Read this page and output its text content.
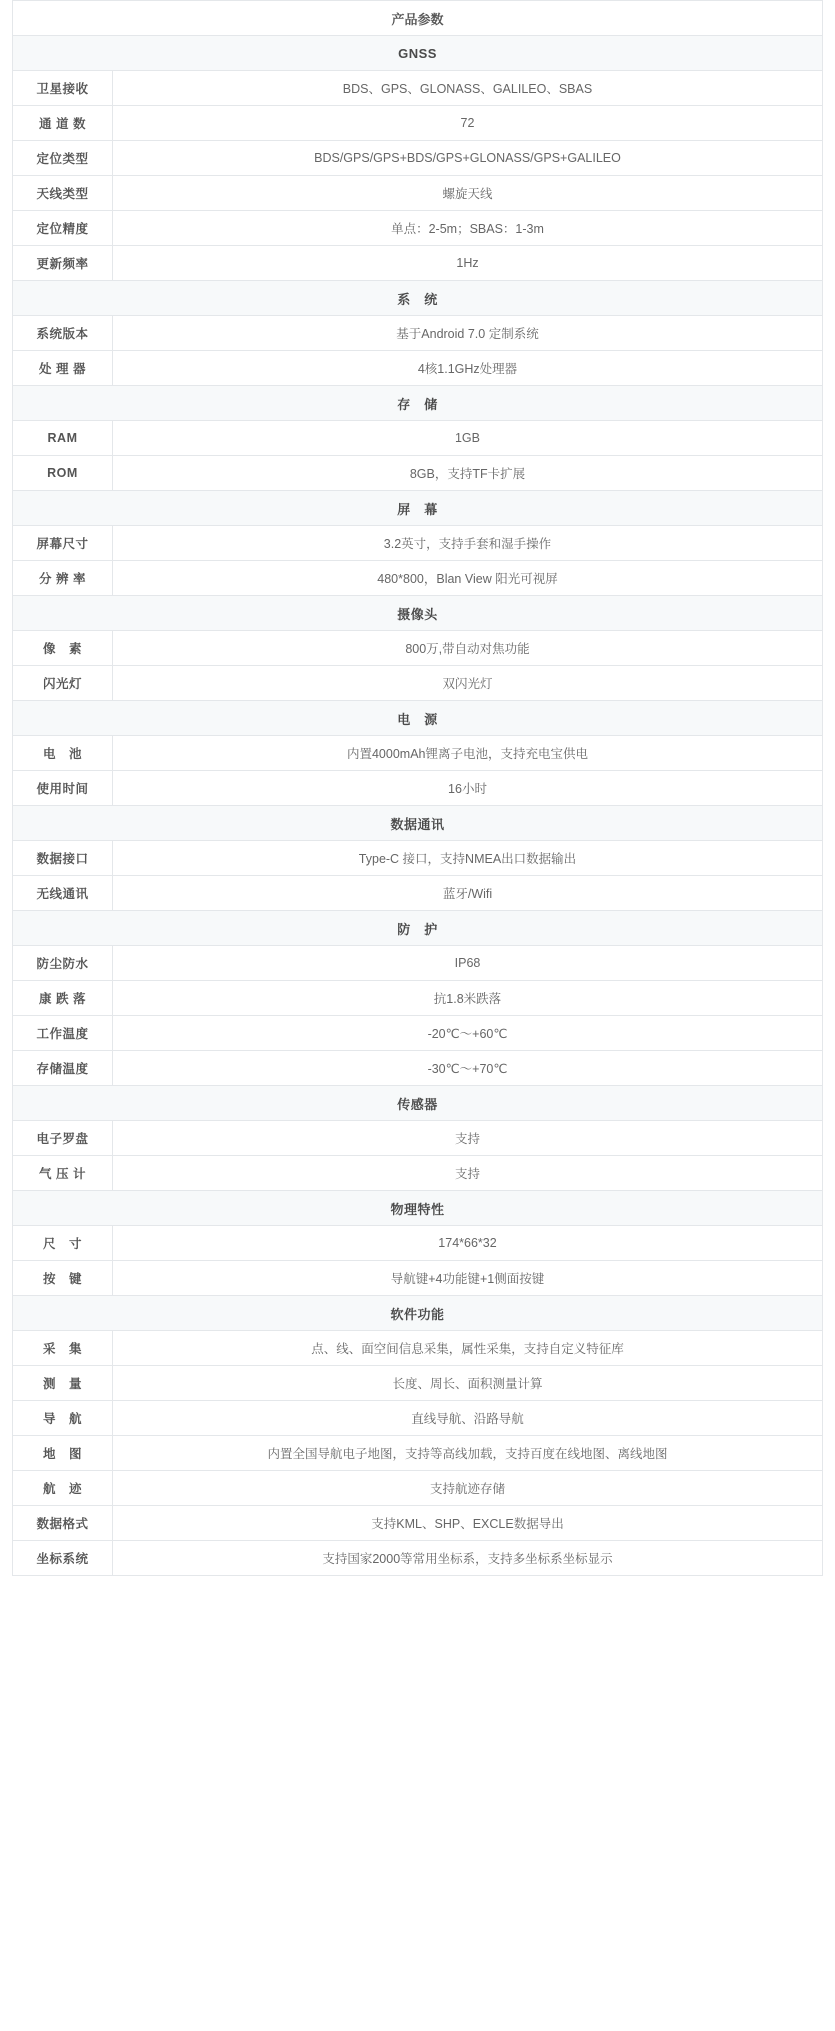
产品参数	
GNSS	
卫星接收	BDS、GPS、GLONASS、GALILEO、SBAS
通 道 数	72
定位类型	BDS/GPS/GPS+BDS/GPS+GLONASS/GPS+GALILEO
天线类型	螺旋天线
定位精度	单点：2-5m；SBAS：1-3m
更新频率	1Hz
系　统	
系统版本	基于Android 7.0 定制系统
处 理 器	4核1.1GHz处理器
存　储	
RAM	1GB
ROM	8GB，支持TF卡扩展
屏　幕	
屏幕尺寸	3.2英寸，支持手套和湿手操作
分 辨 率	480*800，Blan View 阳光可视屏
摄像头	
像　素	800万,带自动对焦功能
闪光灯	双闪光灯
电　源	
电　池	内置4000mAh锂离子电池，支持充电宝供电
使用时间	16小时
数据通讯	
数据接口	Type-C 接口，支持NMEA出口数据输出
无线通讯	蓝牙/Wifi
防　护	
防尘防水	IP68
康 跌 落	抗1.8米跌落
工作温度	-20℃～+60℃
存储温度	-30℃～+70℃
传感器	
电子罗盘	支持
气 压 计	支持
物理特性	
尺　寸	174*66*32
按　键	导航键+4功能键+1侧面按键
软件功能	
采　集	点、线、面空间信息采集，属性采集，支持自定义特征库
测　量	长度、周长、面积测量计算
导　航	直线导航、沿路导航
地　图	内置全国导航电子地图，支持等高线加载，支持百度在线地图、离线地图
航　迹	支持航迹存储
数据格式	支持KML、SHP、EXCLE数据导出
坐标系统	支持国家2000等常用坐标系，支持多坐标系坐标显示
